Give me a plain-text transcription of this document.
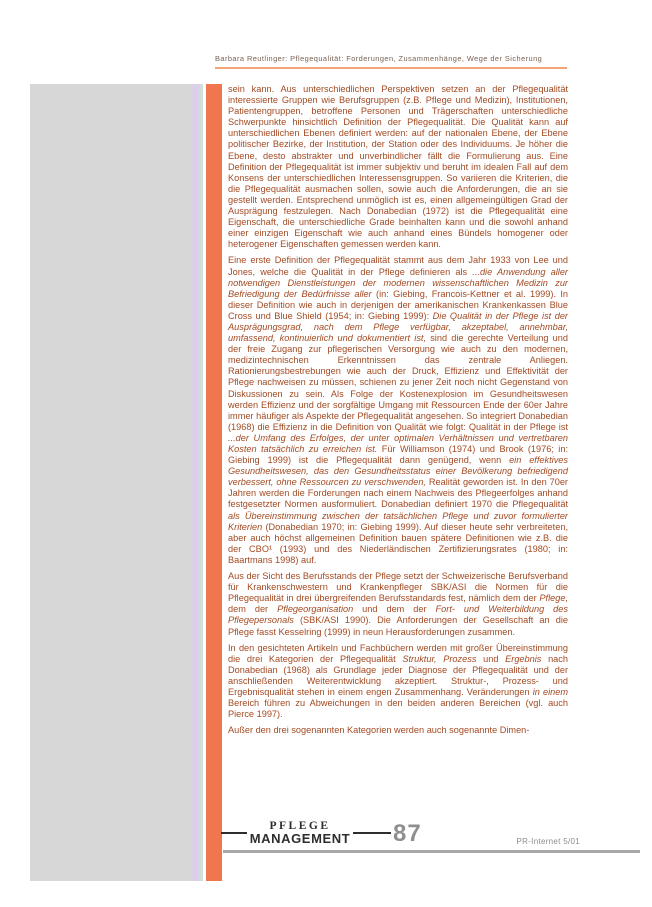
Barbara Reutlinger: Pflegequalität: Forderungen, Zusammenhänge, Wege der Sicherung

sein kann. Aus unterschiedlichen Perspektiven setzen an der Pflegequalität interessierte Gruppen wie Berufsgruppen (z.B. Pflege und Medizin), Institutionen, Patientengruppen, betroffene Personen und Trägerschaften unterschiedliche Schwerpunkte hinsichtlich Definition der Pflegequalität. Die Qualität kann auf unterschiedlichen Ebenen definiert werden: auf der nationalen Ebene, der Ebene politischer Bezirke, der Institution, der Station oder des Individuums. Je höher die Ebene, desto abstrakter und unverbindlicher fällt die Formulierung aus. Eine Definition der Pflegequalität ist immer subjektiv und beruht im idealen Fall auf dem Konsens der unterschiedlichen Interessensgruppen. So variieren die Kriterien, die die Pflegequalität ausmachen sollen, sowie auch die Anforderungen, die an sie gestellt werden. Entsprechend unmöglich ist es, einen allgemeingültigen Grad der Ausprägung festzulegen. Nach Donabedian (1972) ist die Pflegequalität eine Eigenschaft, die unterschiedliche Grade beinhalten kann und die sowohl anhand einer einzigen Eigenschaft wie auch anhand eines Bündels homogener oder heterogener Eigenschaften gemessen werden kann.

Eine erste Definition der Pflegequalität stammt aus dem Jahr 1933 von Lee und Jones, welche die Qualität in der Pflege definieren als ...die Anwendung aller notwendigen Dienstleistungen der modernen wissenschaftlichen Medizin zur Befriedigung der Bedürfnisse aller (in: Giebing, Francois-Kettner et al. 1999). In dieser Definition wie auch in derjenigen der amerikanischen Krankenkassen Blue Cross und Blue Shield (1954; in: Giebing 1999): Die Qualität in der Pflege ist der Ausprägungsgrad, nach dem Pflege verfügbar, akzeptabel, annehmbar, umfassend, kontinuierlich und dokumentiert ist, sind die gerechte Verteilung und der freie Zugang zur pflegerischen Versorgung wie auch zu den modernen, medizintechnischen Erkenntnissen das zentrale Anliegen. Rationierungsbestrebungen wie auch der Druck, Effizienz und Effektivität der Pflege nachweisen zu müssen, schienen zu jener Zeit noch nicht Gegenstand von Diskussionen zu sein. Als Folge der Kostenexplosion im Gesundheitswesen werden Effizienz und der sorgfältige Umgang mit Ressourcen Ende der 60er Jahre immer häufiger als Aspekte der Pflegequalität angesehen. So integriert Donabedian (1968) die Effizienz in die Definition von Qualität wie folgt: Qualität in der Pflege ist ...der Umfang des Erfolges, der unter optimalen Verhältnissen und vertretbaren Kosten tatsächlich zu erreichen ist. Für Williamson (1974) und Brook (1976; in: Giebing 1999) ist die Pflegequalität dann genügend, wenn ein effektives Gesundheitswesen, das den Gesundheitsstatus einer Bevölkerung befriedigend verbessert, ohne Ressourcen zu verschwenden, Realität geworden ist. In den 70er Jahren werden die Forderungen nach einem Nachweis des Pflegeerfolges anhand festgesetzter Normen ausformuliert. Donabedian definiert 1970 die Pflegequalität als Übereinstimmung zwischen der tatsächlichen Pflege und zuvor formulierter Kriterien (Donabedian 1970; in: Giebing 1999). Auf dieser heute sehr verbreiteten, aber auch höchst allgemeinen Definition bauen spätere Definitionen wie z.B. die der CBO¹ (1993) und des Niederländischen Zertifizierungsrates (1980; in: Baartmans 1998) auf.

Aus der Sicht des Berufsstands der Pflege setzt der Schweizerische Berufsverband für Krankenschwestern und Krankenpfleger SBK/ASI die Normen für die Pflegequalität in drei übergreifenden Berufsstandards fest, nämlich dem der Pflege, dem der Pflegeorganisation und dem der Fort- und Weiterbildung des Pflegepersonals (SBK/ASI 1990). Die Anforderungen der Gesellschaft an die Pflege fasst Kesselring (1999) in neun Herausforderungen zusammen.

In den gesichteten Artikeln und Fachbüchern werden mit großer Übereinstimmung die drei Kategorien der Pflegequalität Struktur, Prozess und Ergebnis nach Donabedian (1968) als Grundlage jeder Diagnose der Pflegequalität und der anschließenden Weiterentwicklung akzeptiert. Struktur-, Prozess- und Ergebnisqualität stehen in einem engen Zusammenhang. Veränderungen in einem Bereich führen zu Abweichungen in den beiden anderen Bereichen (vgl. auch Pierce 1997).

Außer den drei sogenannten Kategorien werden auch sogenannte Dimen-

PFLEGE
MANAGEMENT 87	PR-Internet 5/01
